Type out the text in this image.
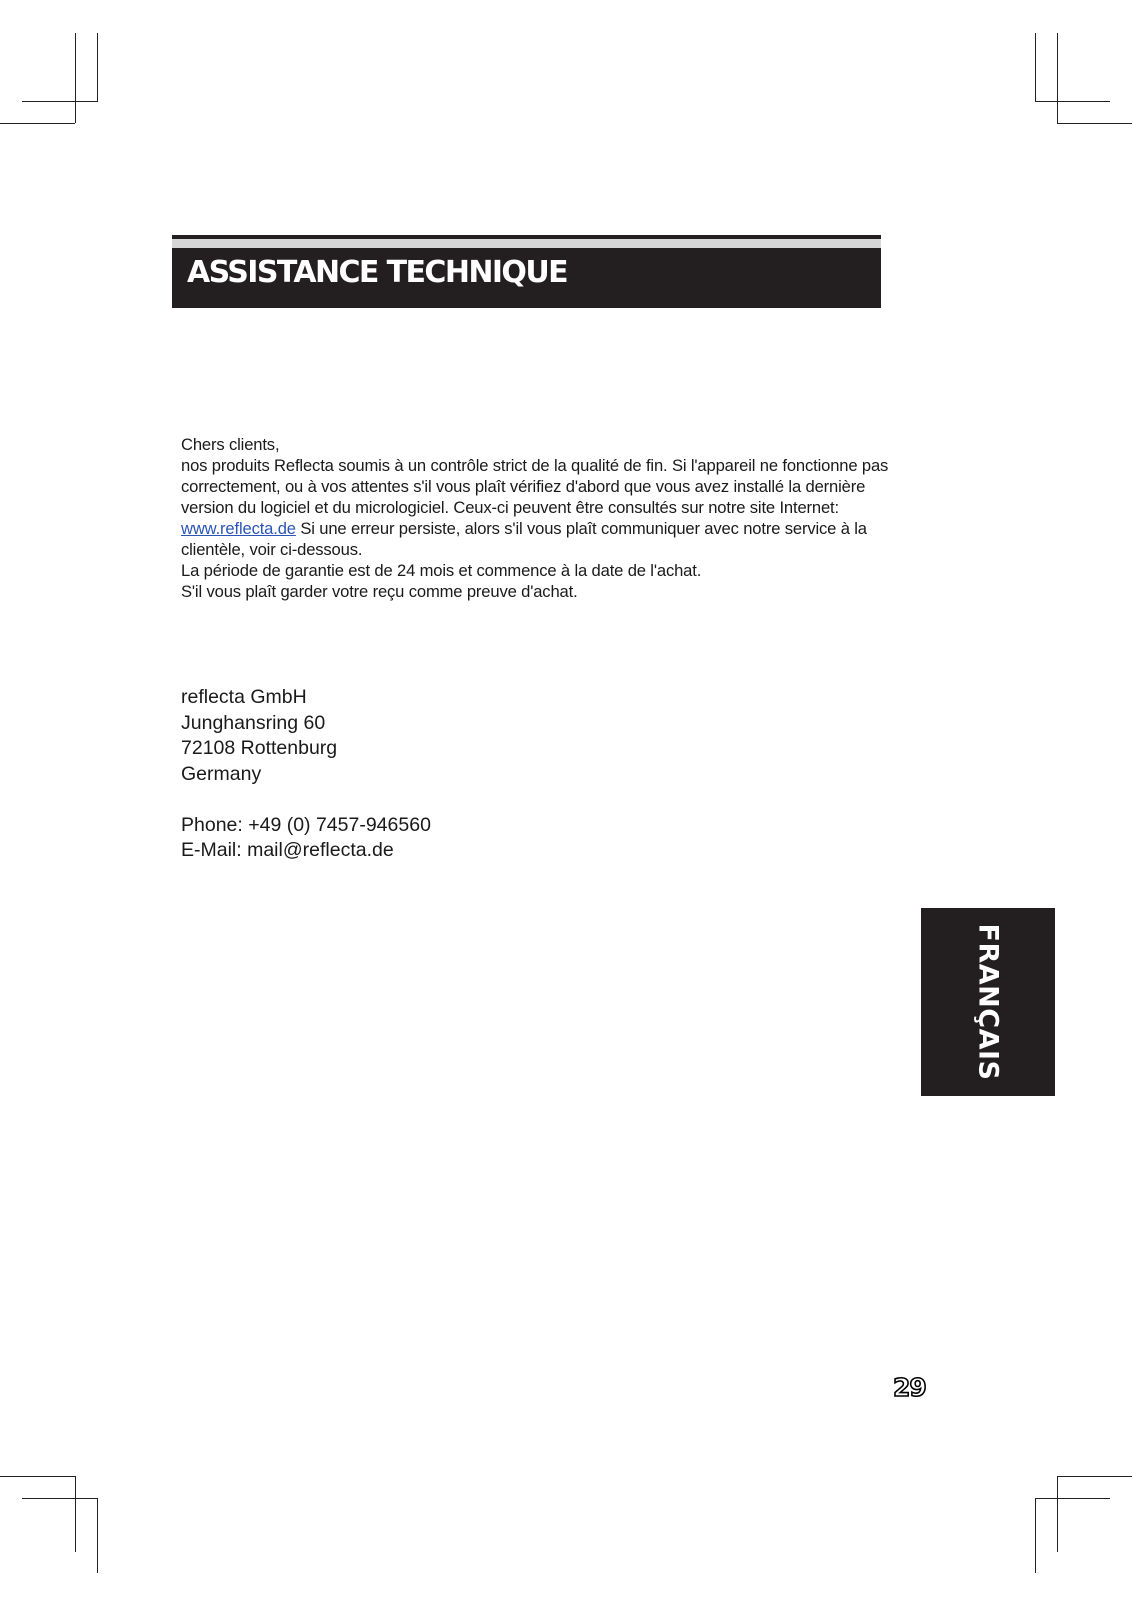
ASSISTANCE TECHNIQUE

Chers clients,

nos produits Reflecta soumis à un contrôle strict de la qualité de fin. Si l'appareil ne fonctionne pas correctement, ou à vos attentes s'il vous plaît vérifiez d'abord que vous avez installé la dernière version du logiciel et du micrologiciel. Ceux-ci peuvent être consultés sur notre site Internet: www.reflecta.de Si une erreur persiste, alors s'il vous plaît communiquer avec notre service à la clientèle, voir ci-dessous.

La période de garantie est de 24 mois et commence à la date de l'achat.

S'il vous plaît garder votre reçu comme preuve d'achat.

reflecta GmbH
Junghansring 60
72108 Rottenburg
Germany
Phone: +49 (0) 7457-946560
E-Mail: mail@reflecta.de
FRANÇAIS
29
